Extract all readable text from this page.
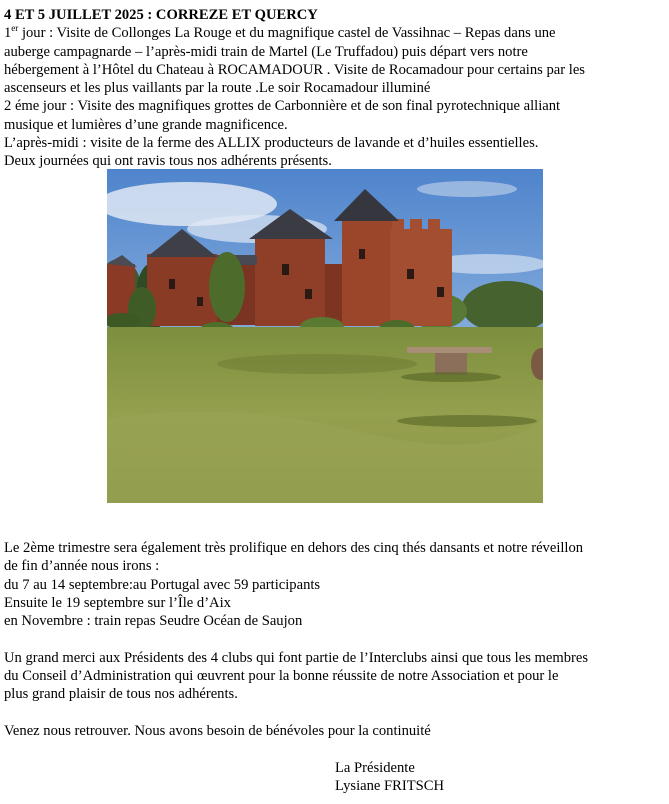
4 ET 5 JUILLET 2025 : CORREZE ET QUERCY
1er jour : Visite de Collonges La Rouge et du magnifique castel de Vassihnac – Repas dans une
auberge campagnarde – l’après-midi train de Martel (Le Truffadou) puis départ vers notre
hébergement à l’Hôtel du Chateau à ROCAMADOUR . Visite de Rocamadour pour certains par les
ascenseurs et les plus vaillants par la route .Le soir Rocamadour illuminé
2 éme jour : Visite des magnifiques grottes de Carbonnière et de son final pyrotechnique alliant
musique et lumières d’une grande magnificence.
L’après-midi : visite de la ferme des ALLIX producteurs de lavande et d’huiles essentielles.
Deux journées qui ont ravis tous nos adhérents présents.
Le 2ème trimestre sera également très prolifique en dehors des cinq thés dansants et notre réveillon
de fin d’année nous irons :
du 7 au 14 septembre:au Portugal avec 59 participants
Ensuite le 19 septembre sur l’Île d’Aix
en Novembre : train repas Seudre Océan de Saujon
Un grand merci aux Présidents des 4 clubs qui font partie de l’Interclubs ainsi que tous les membres
du Conseil d’Administration qui œuvrent pour la bonne réussite de notre Association et pour le
plus grand plaisir de tous nos adhérents.
Venez nous retrouver. Nous avons besoin de bénévoles pour la continuité
La Présidente
Lysiane FRITSCH
